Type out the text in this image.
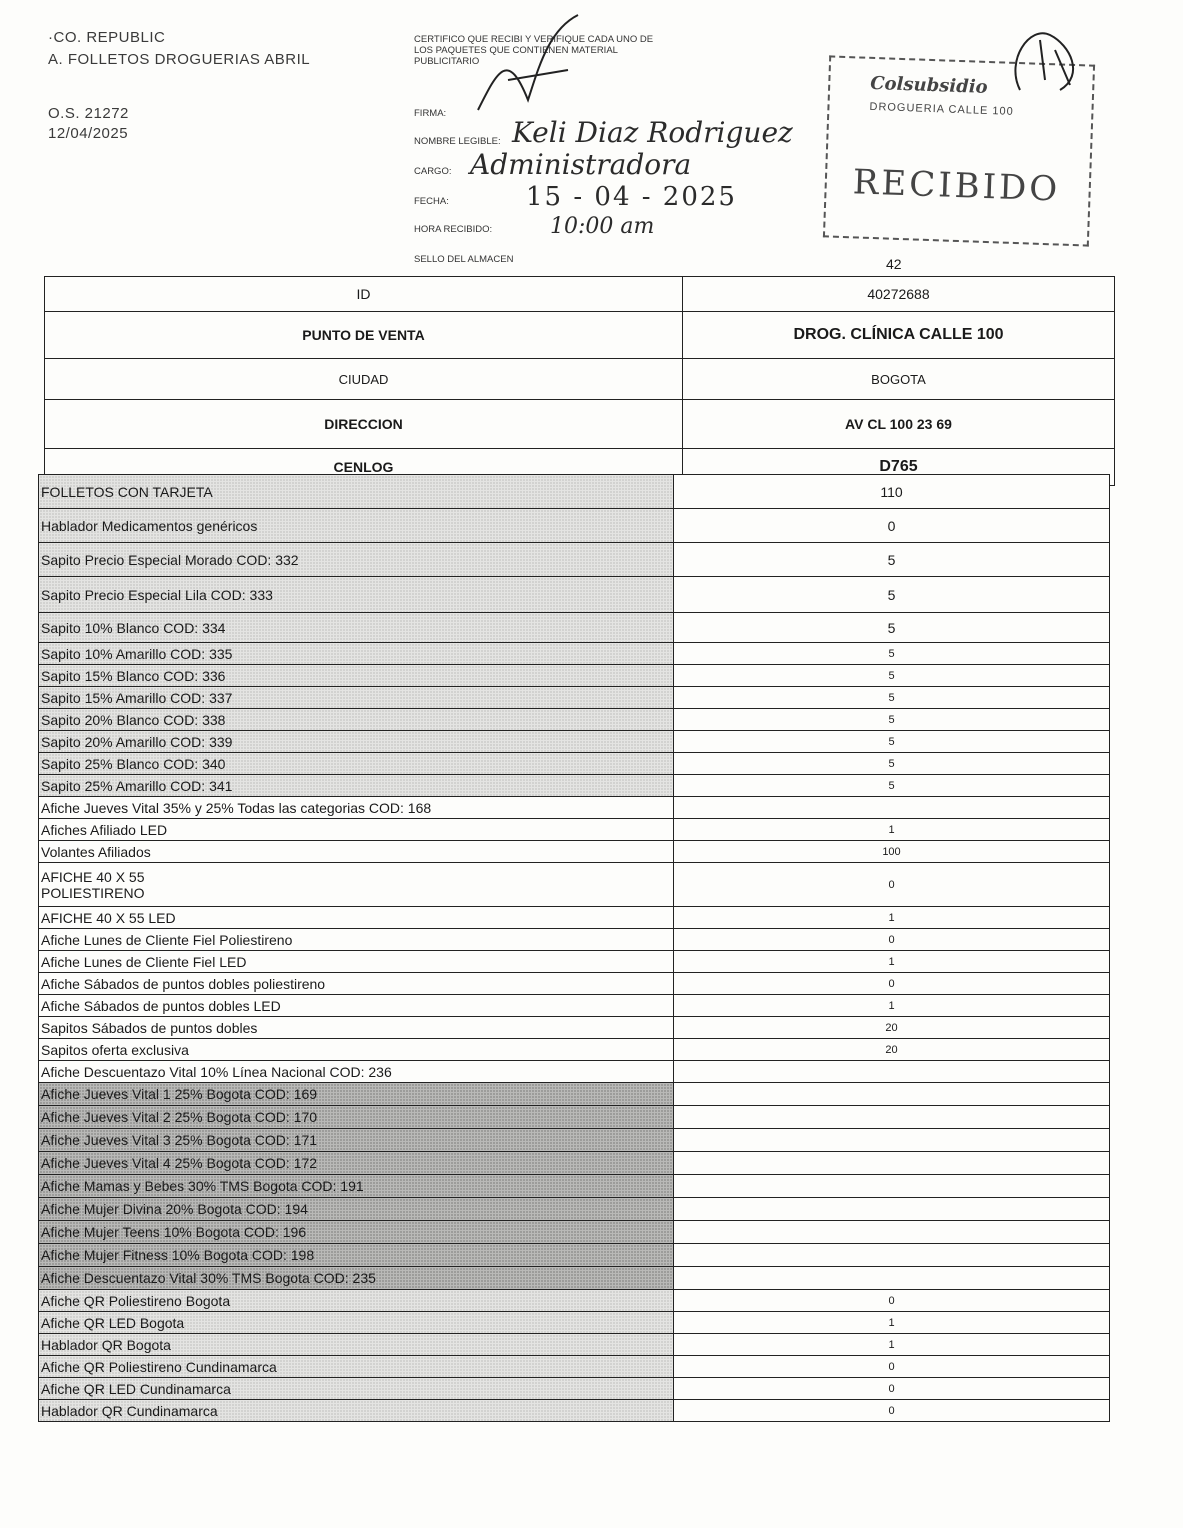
·CO. REPUBLIC
A. FOLLETOS DROGUERIAS ABRIL
O.S. 21272
12/04/2025
CERTIFICO QUE RECIBI Y VERIFIQUE CADA UNO DE LOS PAQUETES QUE CONTIENEN MATERIAL PUBLICITARIO
FIRMA:
NOMBRE LEGIBLE: Keli Diaz Rodriguez
CARGO: Administradora
FECHA:	15 - 04 - 2025
HORA RECIBIDO:	10:00 am
SELLO DEL ALMACEN
Colsubsidio
DROGUERIA CALLE 100
RECIBIDO
42
ID	40272688
PUNTO DE VENTA	DROG. CLÍNICA CALLE 100
CIUDAD	BOGOTA
DIRECCION	AV CL 100 23 69
CENLOG	D765
FOLLETOS CON TARJETA	110
Hablador Medicamentos genéricos	0
Sapito Precio Especial Morado COD: 332	5
Sapito Precio Especial Lila COD: 333	5
Sapito 10% Blanco COD: 334	5
Sapito 10% Amarillo COD: 335	5
Sapito 15% Blanco COD: 336	5
Sapito 15% Amarillo COD: 337	5
Sapito 20% Blanco COD: 338	5
Sapito 20% Amarillo COD: 339	5
Sapito 25% Blanco COD: 340	5
Sapito 25% Amarillo COD: 341	5
Afiche Jueves Vital 35% y 25% Todas las categorias COD: 168	
Afiches Afiliado LED	1
Volantes Afiliados	100

AFICHE 40 X 55
POLIESTIRENO	0
AFICHE 40 X 55 LED	1
Afiche Lunes de Cliente Fiel Poliestireno	0
Afiche Lunes de Cliente Fiel LED	1
Afiche Sábados de puntos dobles poliestireno	0
Afiche Sábados de puntos dobles LED	1
Sapitos Sábados de puntos dobles	20
Sapitos oferta exclusiva	20
Afiche Descuentazo Vital 10% Línea Nacional COD: 236	
Afiche Jueves Vital 1 25% Bogota COD: 169	
Afiche Jueves Vital 2 25% Bogota COD: 170	
Afiche Jueves Vital 3 25% Bogota COD: 171	
Afiche Jueves Vital 4 25% Bogota COD: 172	
Afiche Mamas y Bebes 30% TMS Bogota COD: 191	
Afiche Mujer Divina 20% Bogota COD: 194	
Afiche Mujer Teens 10% Bogota COD: 196	
Afiche Mujer Fitness 10% Bogota COD: 198	
Afiche Descuentazo Vital 30% TMS Bogota COD: 235	
Afiche QR Poliestireno Bogota	0
Afiche QR LED Bogota	1
Hablador QR Bogota	1
Afiche QR Poliestireno Cundinamarca	0
Afiche QR LED Cundinamarca	0
Hablador QR Cundinamarca	0
